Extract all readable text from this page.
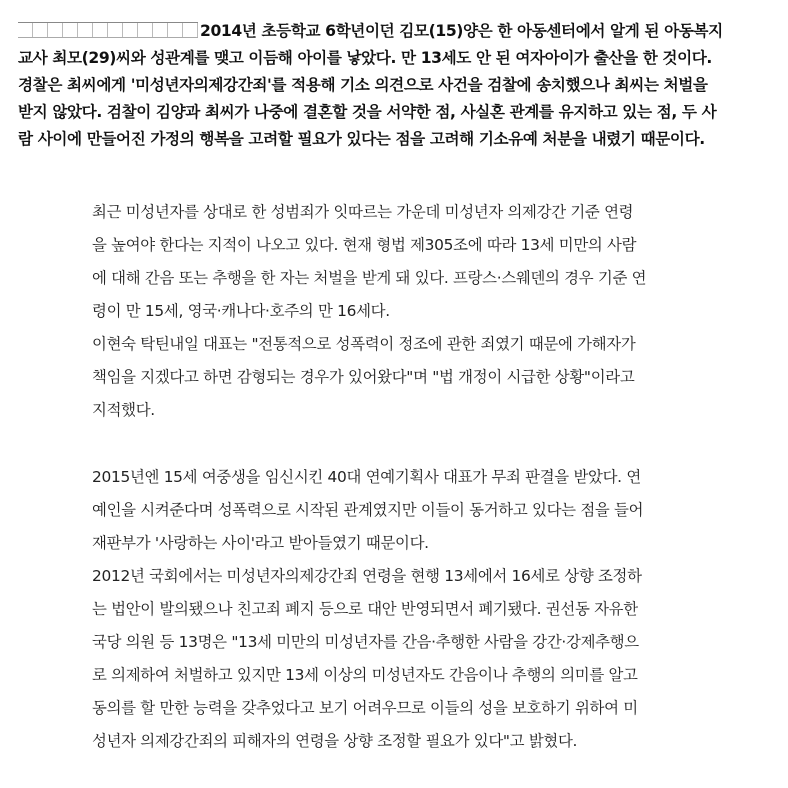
2014년 초등학교 6학년이던 김모(15)양은 한 아동센터에서 알게 된 아동복지
교사 최모(29)씨와 성관계를 맺고 이듬해 아이를 낳았다. 만 13세도 안 된 여자아이가 출산을 한 것이다.
경찰은 최씨에게 '미성년자의제강간죄'를 적용해 기소 의견으로 사건을 검찰에 송치했으나 최씨는 처벌을
받지 않았다. 검찰이 김양과 최씨가 나중에 결혼할 것을 서약한 점, 사실혼 관계를 유지하고 있는 점, 두 사
람 사이에 만들어진 가정의 행복을 고려할 필요가 있다는 점을 고려해 기소유예 처분을 내렸기 때문이다.
최근 미성년자를 상대로 한 성범죄가 잇따르는 가운데 미성년자 의제강간 기준 연령
을 높여야 한다는 지적이 나오고 있다. 현재 형법 제305조에 따라 13세 미만의 사람
에 대해 간음 또는 추행을 한 자는 처벌을 받게 돼 있다. 프랑스·스웨덴의 경우 기준 연
령이 만 15세, 영국·캐나다·호주의 만 16세다.
이현숙 탁틴내일 대표는 "전통적으로 성폭력이 정조에 관한 죄였기 때문에 가해자가
책임을 지겠다고 하면 감형되는 경우가 있어왔다"며 "법 개정이 시급한 상황"이라고
지적했다.
2015년엔 15세 여중생을 임신시킨 40대 연예기획사 대표가 무죄 판결을 받았다. 연
예인을 시켜준다며 성폭력으로 시작된 관계였지만 이들이 동거하고 있다는 점을 들어
재판부가 '사랑하는 사이'라고 받아들였기 때문이다.
2012년 국회에서는 미성년자의제강간죄 연령을 현행 13세에서 16세로 상향 조정하
는 법안이 발의됐으나 친고죄 폐지 등으로 대안 반영되면서 폐기됐다. 권선동 자유한
국당 의원 등 13명은 "13세 미만의 미성년자를 간음·추행한 사람을 강간·강제추행으
로 의제하여 처벌하고 있지만 13세 이상의 미성년자도 간음이나 추행의 의미를 알고
동의를 할 만한 능력을 갖추었다고 보기 어려우므로 이들의 성을 보호하기 위하여 미
성년자 의제강간죄의 피해자의 연령을 상향 조정할 필요가 있다"고 밝혔다.
